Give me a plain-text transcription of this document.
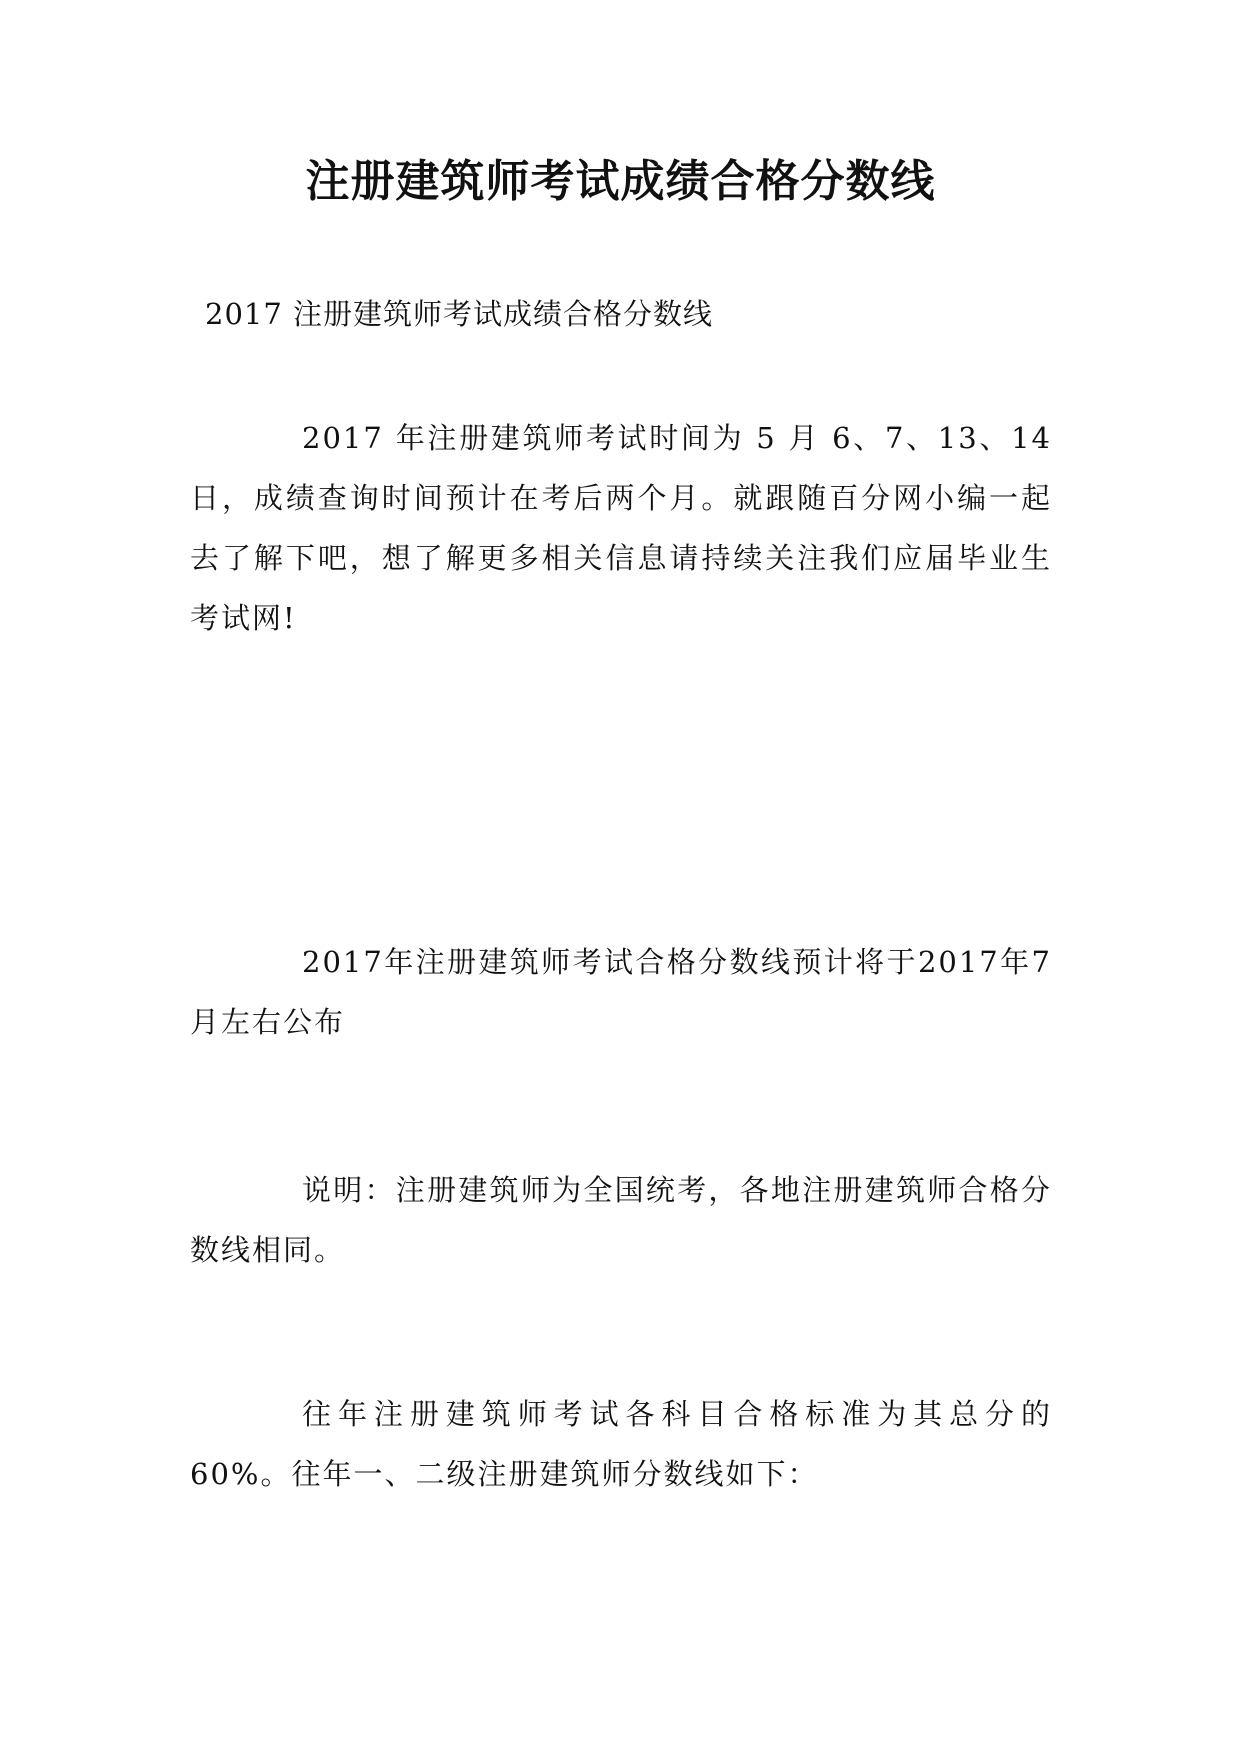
注册建筑师考试成绩合格分数线
2017 注册建筑师考试成绩合格分数线

2017 年注册建筑师考试时间为 5 月 6、7、13、14 日，成绩查询时间预计在考后两个月。就跟随百分网小编一起去了解下吧，想了解更多相关信息请持续关注我们应届毕业生考试网!

2017年注册建筑师考试合格分数线预计将于2017年7 月左右公布

说明：注册建筑师为全国统考，各地注册建筑师合格分数线相同。

往年注册建筑师考试各科目合格标准为其总分的60%。往年一、二级注册建筑师分数线如下：
